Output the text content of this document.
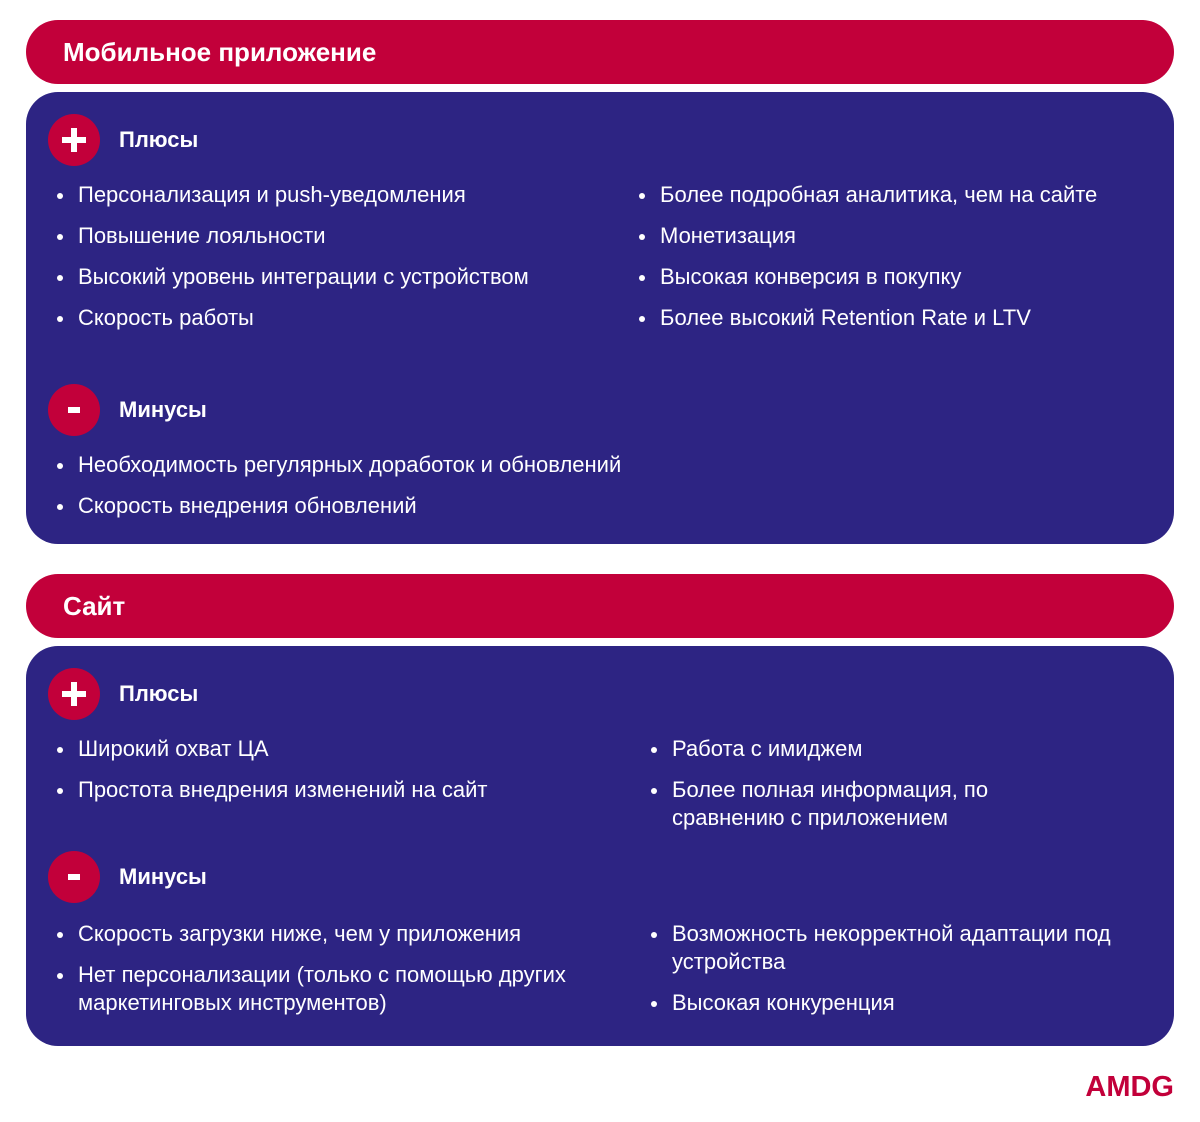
Мобильное приложение
Плюсы
Персонализация и push-уведомления
Повышение лояльности
Высокий уровень интеграции с устройством
Скорость работы
Более подробная аналитика, чем на сайте
Монетизация
Высокая конверсия в покупку
Более высокий Retention Rate и LTV
Минусы
Необходимость регулярных доработок и обновлений
Скорость внедрения обновлений
Сайт
Плюсы
Широкий охват ЦА
Простота внедрения изменений на сайт
Работа с имиджем
Более полная информация, по сравнению с приложением
Минусы
Скорость загрузки ниже, чем у приложения
Нет персонализации (только с помощью других маркетинговых инструментов)
Возможность некорректной адаптации под устройства
Высокая конкуренция
AMDG
